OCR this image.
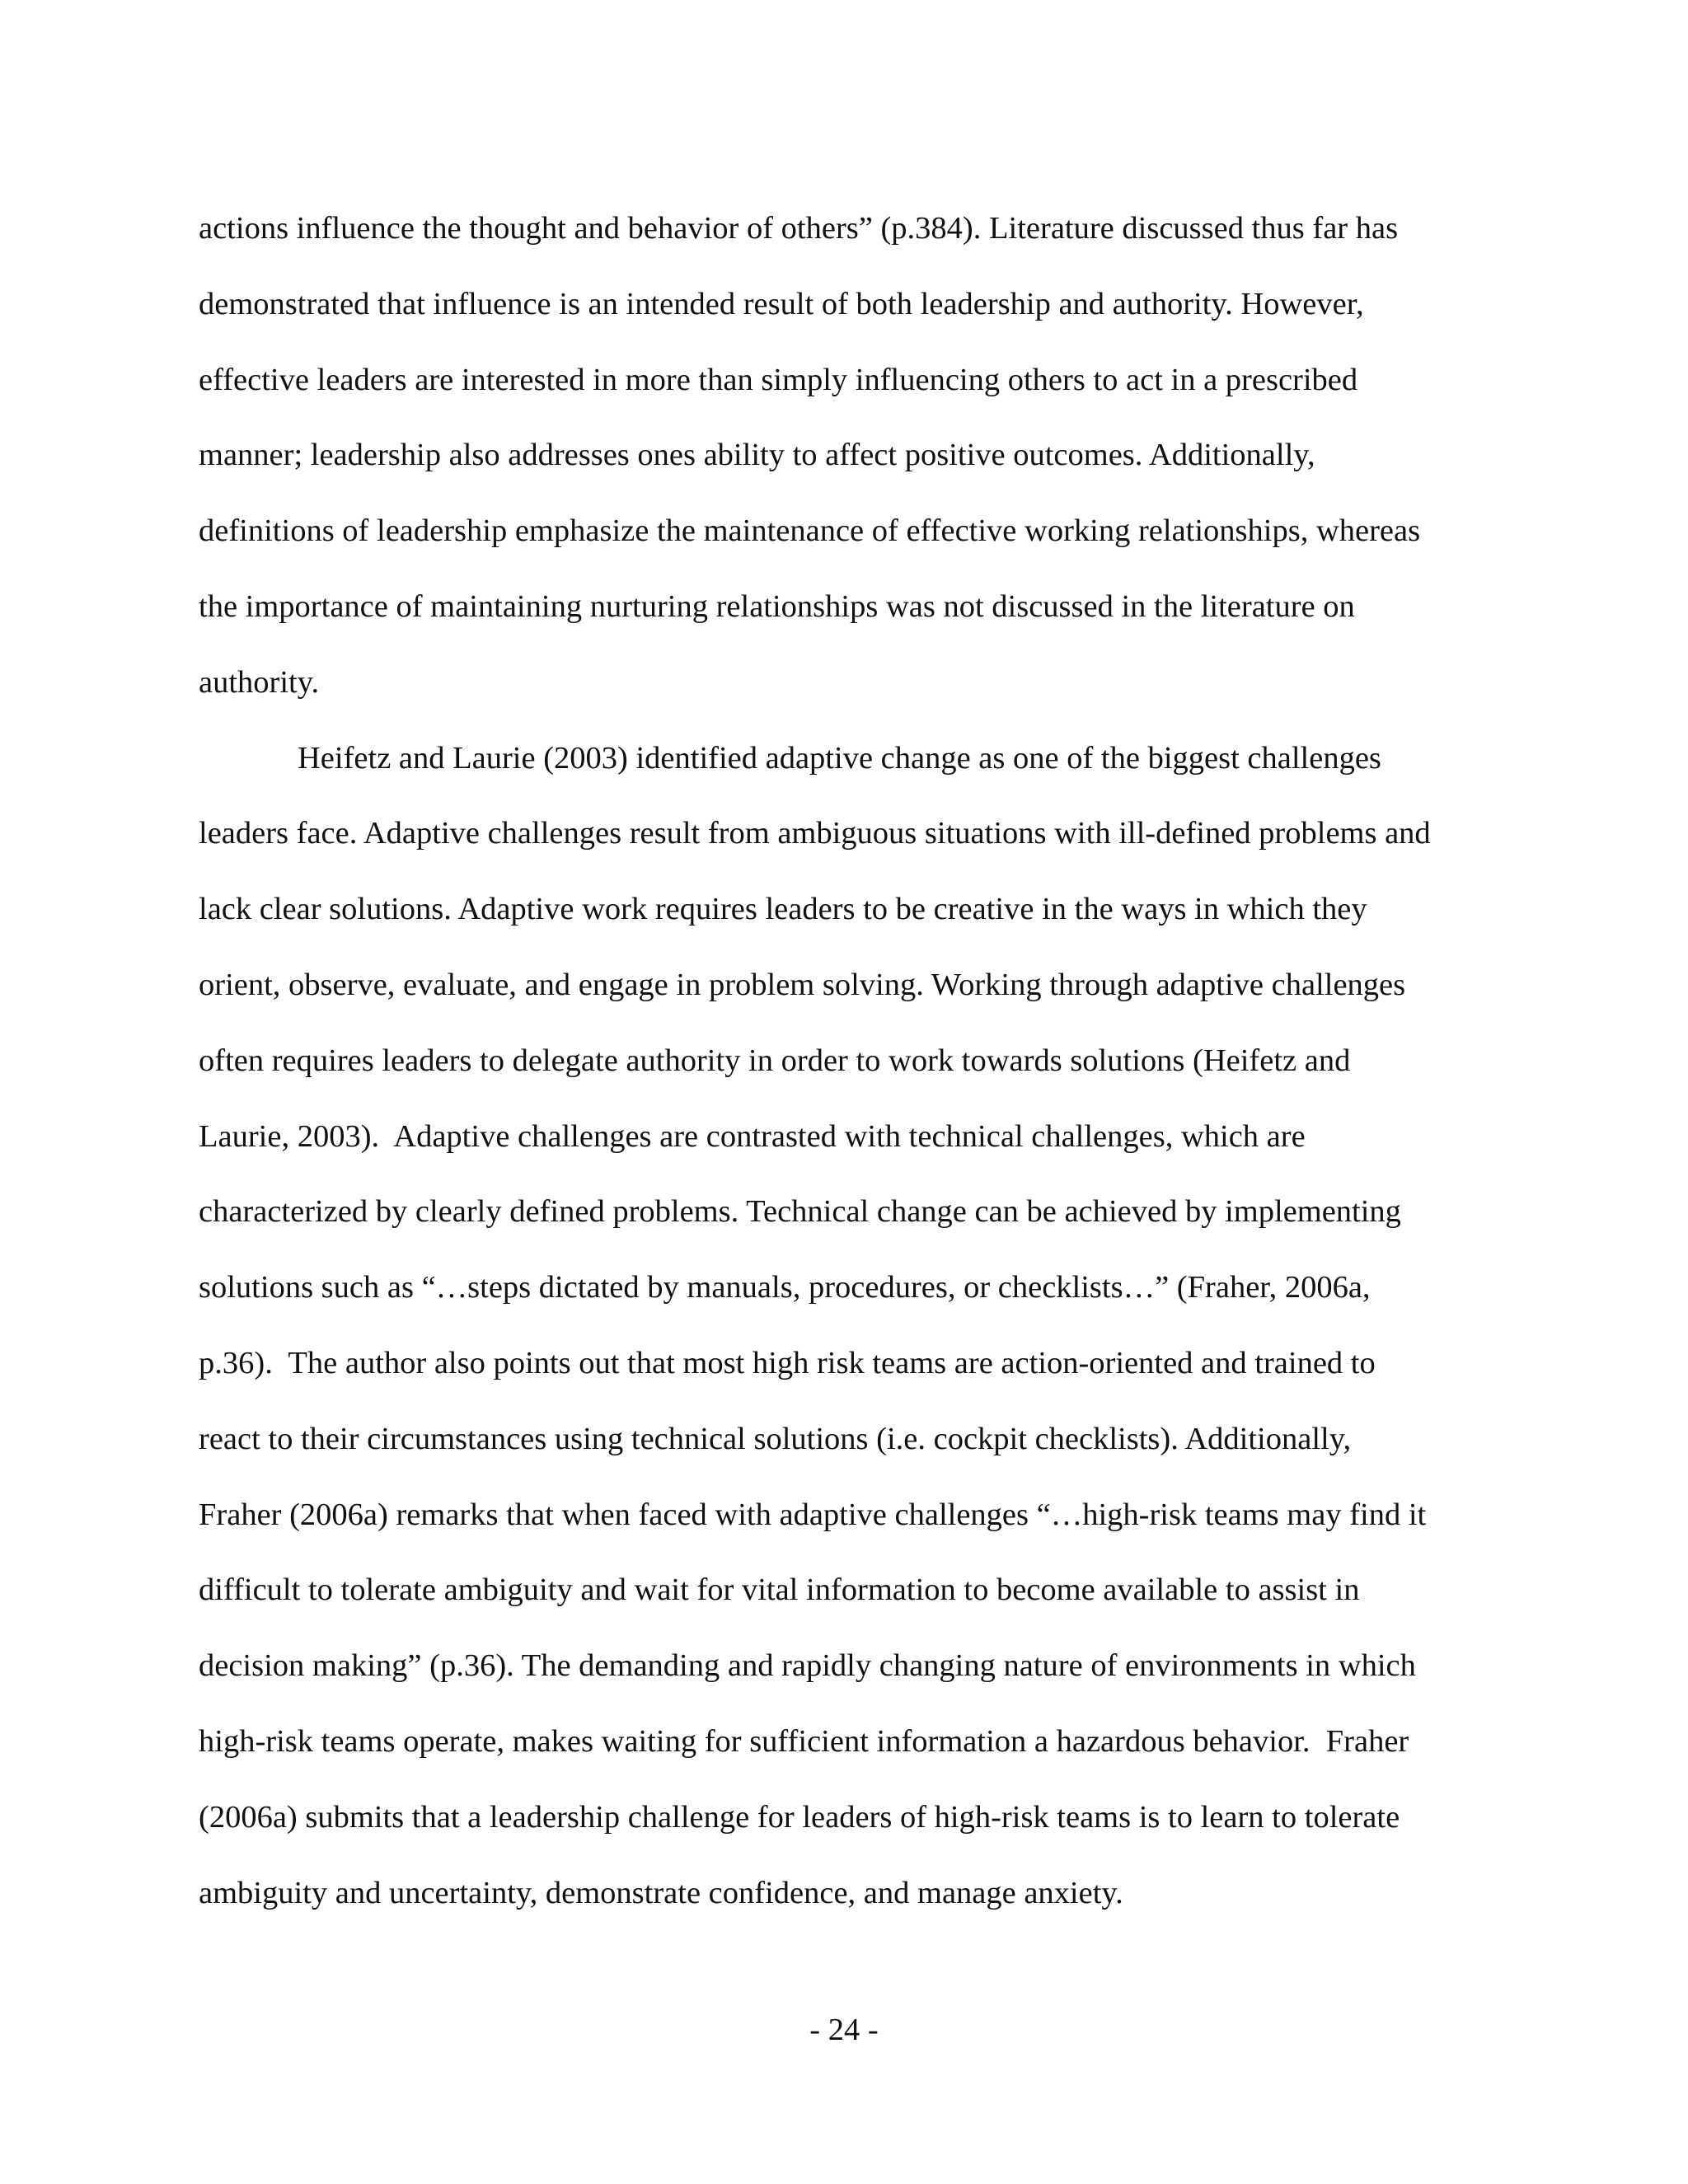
actions influence the thought and behavior of others” (p.384). Literature discussed thus far has
demonstrated that influence is an intended result of both leadership and authority. However,
effective leaders are interested in more than simply influencing others to act in a prescribed
manner; leadership also addresses ones ability to affect positive outcomes. Additionally,
definitions of leadership emphasize the maintenance of effective working relationships, whereas
the importance of maintaining nurturing relationships was not discussed in the literature on
authority.
Heifetz and Laurie (2003) identified adaptive change as one of the biggest challenges
leaders face. Adaptive challenges result from ambiguous situations with ill-defined problems and
lack clear solutions. Adaptive work requires leaders to be creative in the ways in which they
orient, observe, evaluate, and engage in problem solving. Working through adaptive challenges
often requires leaders to delegate authority in order to work towards solutions (Heifetz and
Laurie, 2003).  Adaptive challenges are contrasted with technical challenges, which are
characterized by clearly defined problems. Technical change can be achieved by implementing
solutions such as “…steps dictated by manuals, procedures, or checklists…” (Fraher, 2006a,
p.36).  The author also points out that most high risk teams are action-oriented and trained to
react to their circumstances using technical solutions (i.e. cockpit checklists). Additionally,
Fraher (2006a) remarks that when faced with adaptive challenges “…high-risk teams may find it
difficult to tolerate ambiguity and wait for vital information to become available to assist in
decision making” (p.36). The demanding and rapidly changing nature of environments in which
high-risk teams operate, makes waiting for sufficient information a hazardous behavior.  Fraher
(2006a) submits that a leadership challenge for leaders of high-risk teams is to learn to tolerate
ambiguity and uncertainty, demonstrate confidence, and manage anxiety.
- 24 -
